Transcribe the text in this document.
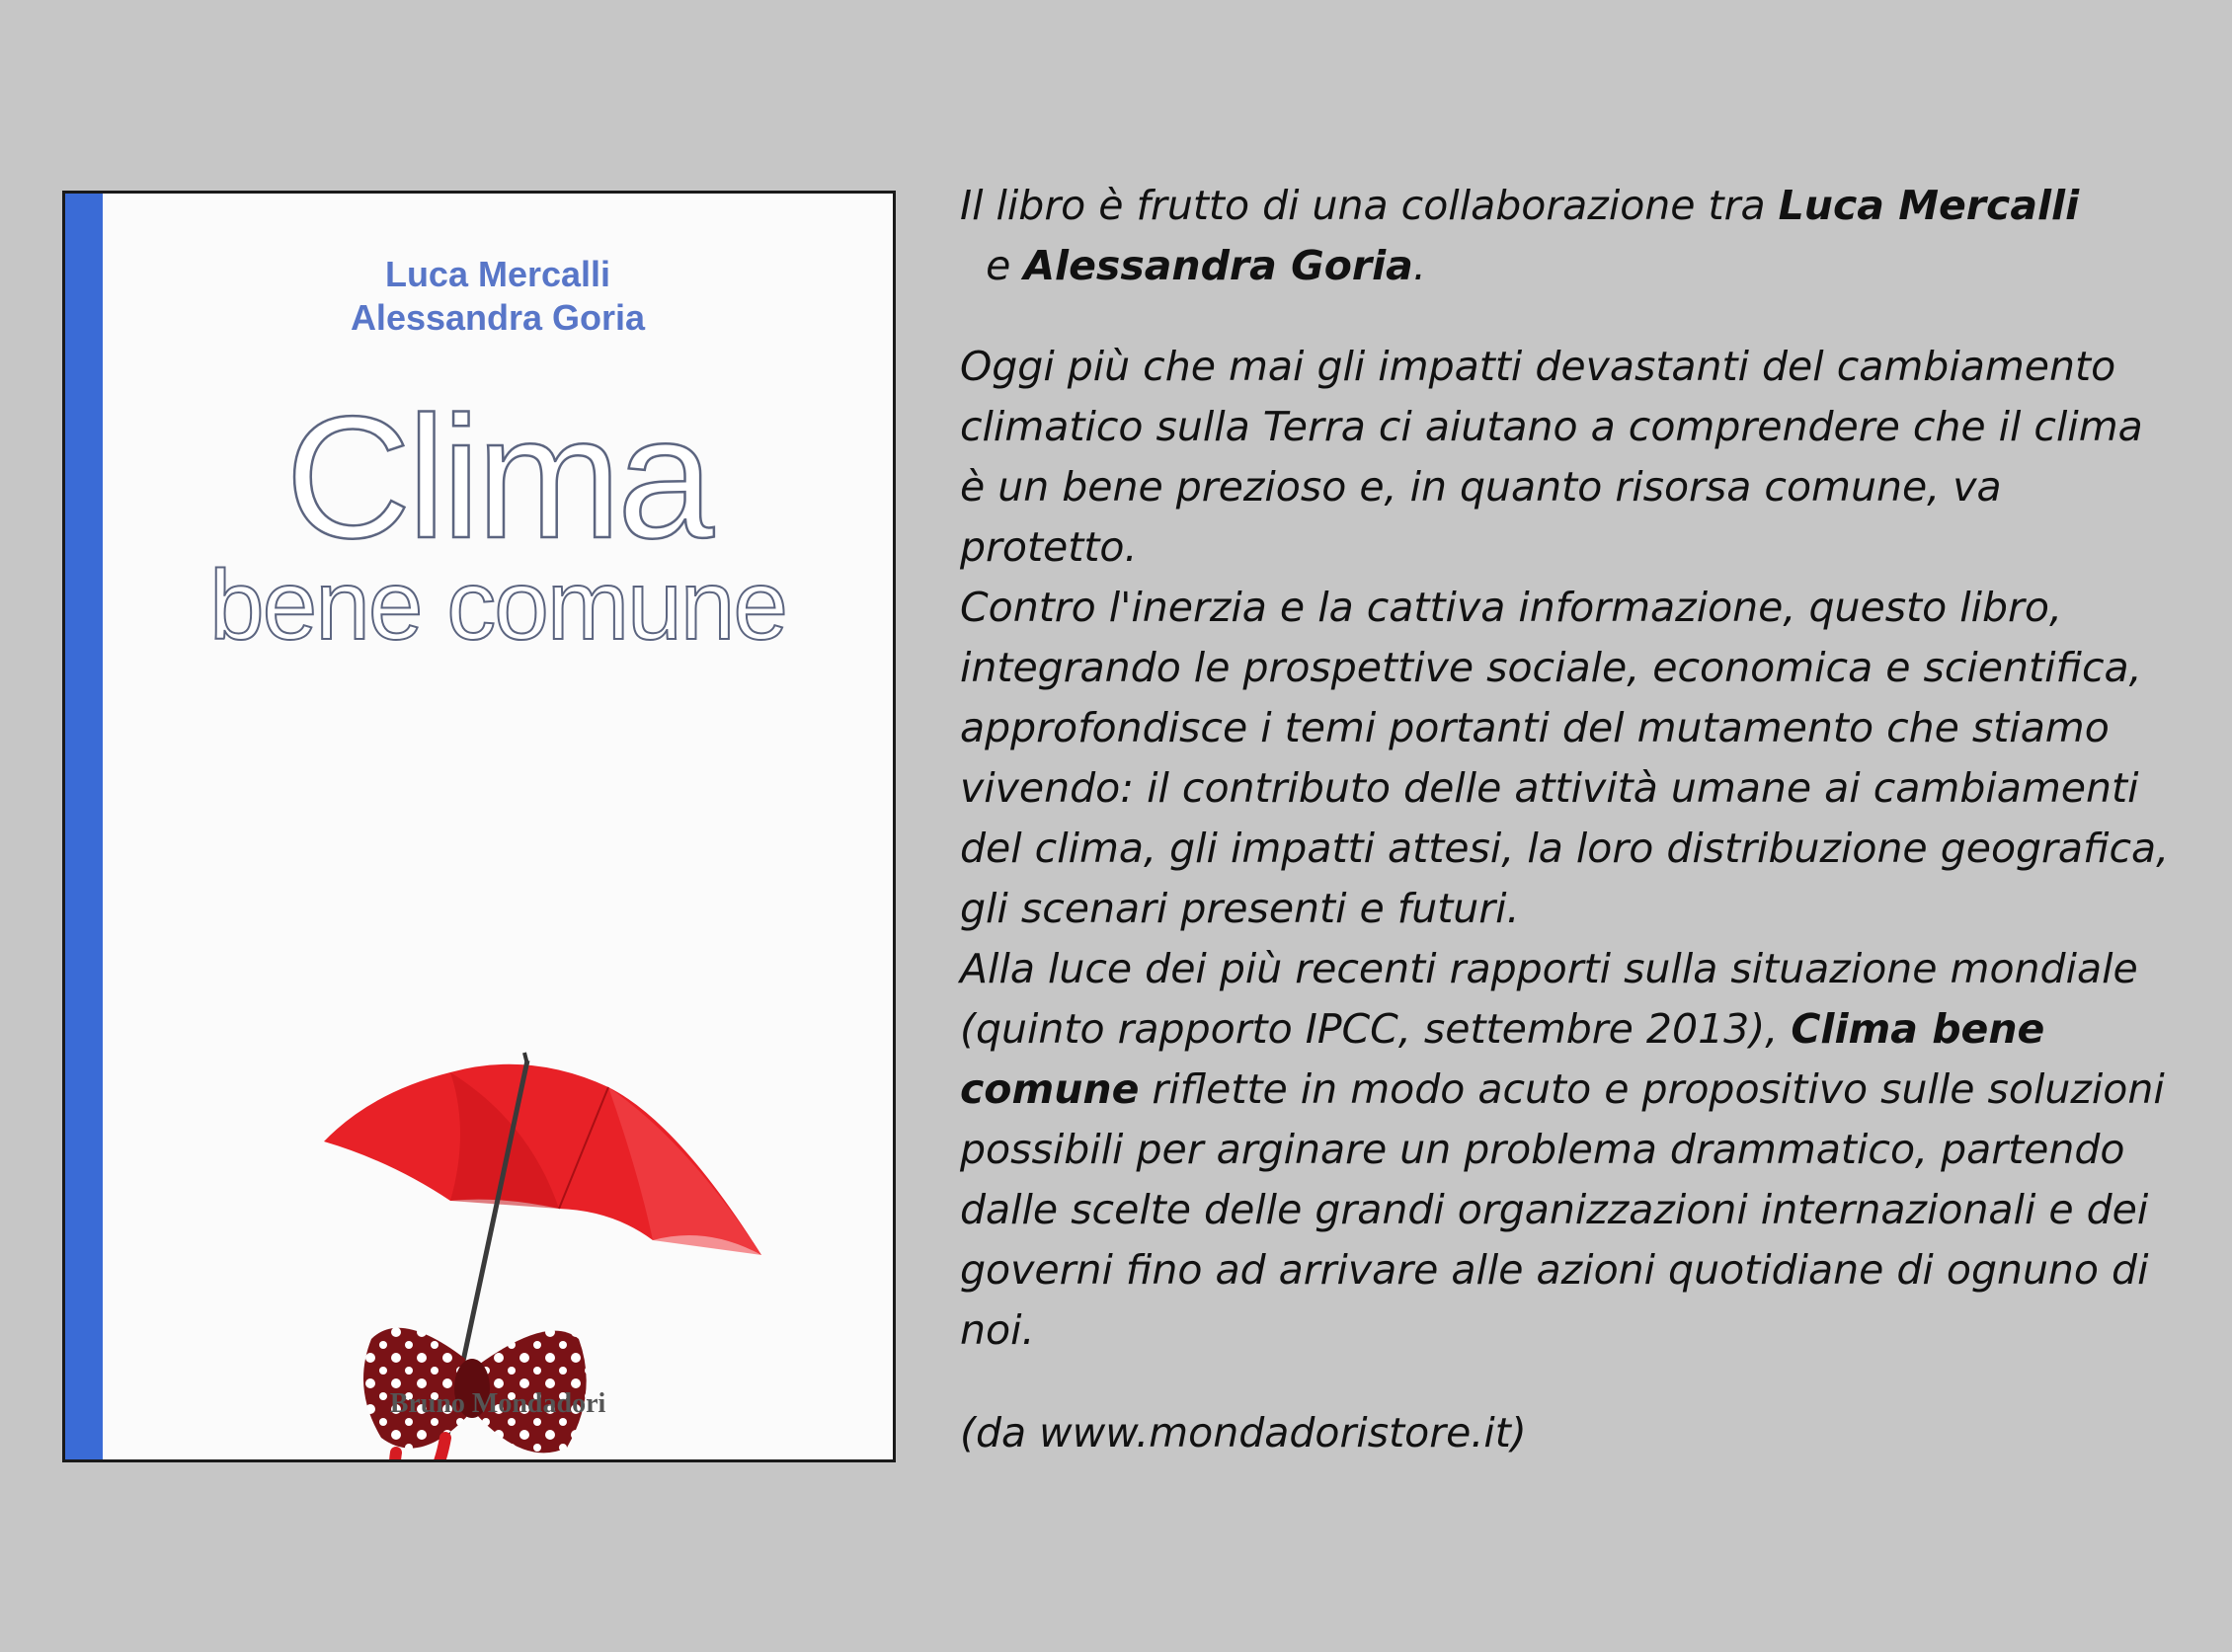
Luca Mercalli
Alessandra Goria
Clima
bene comune
Bruno Mondadori

Il libro è frutto di una collaborazione tra Luca Mercalli  e Alessandra Goria.

Oggi più che mai gli impatti devastanti del cambiamento climatico sulla Terra ci aiutano a comprendere che il clima è un bene prezioso e, in quanto risorsa comune, va protetto.

Contro l'inerzia e la cattiva informazione, questo libro, integrando le prospettive sociale, economica e scientifica, approfondisce i temi portanti del mutamento che stiamo vivendo: il contributo delle attività umane ai cambiamenti del clima, gli impatti attesi, la loro distribuzione geografica, gli scenari presenti e futuri.

Alla luce dei più recenti rapporti sulla situazione mondiale (quinto rapporto IPCC, settembre 2013), Clima bene comune riflette in modo acuto e propositivo sulle soluzioni possibili per arginare un problema drammatico, partendo dalle scelte delle grandi organizzazioni internazionali e dei governi fino ad arrivare alle azioni quotidiane di ognuno di noi.

(da www.mondadoristore.it)
